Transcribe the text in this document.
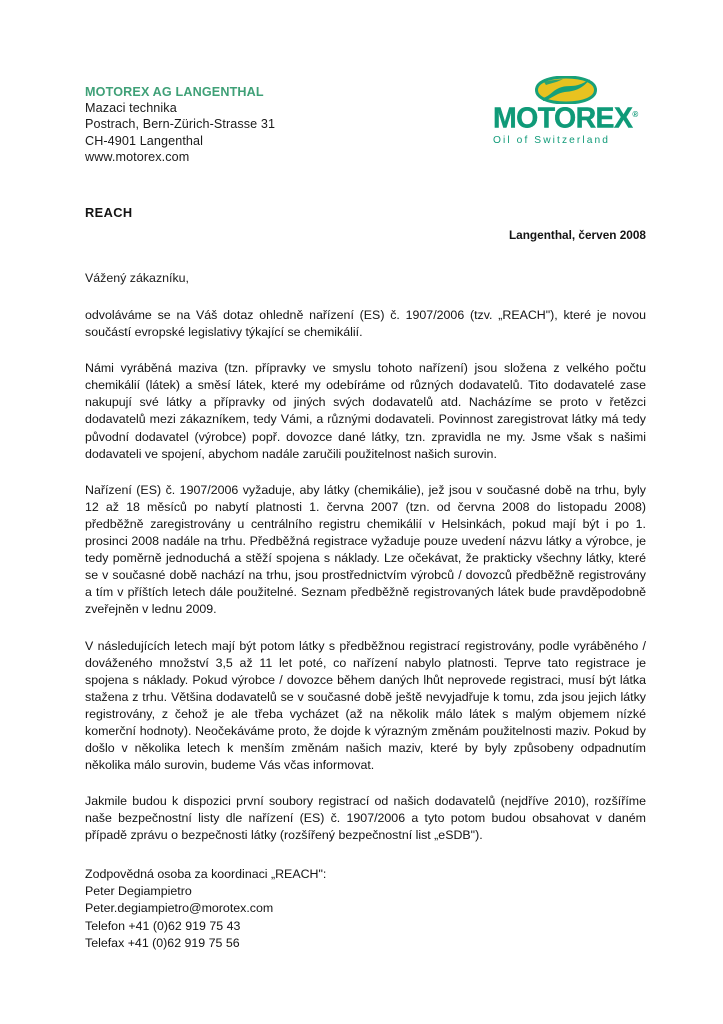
MOTOREX AG LANGENTHAL
Mazaci technika
Postrach, Bern-Zürich-Strasse 31
CH-4901 Langenthal
www.motorex.com
MOTOREX®
Oil of Switzerland
REACH
Langenthal, červen 2008
Vážený zákazníku,

odvoláváme se na Váš dotaz ohledně nařízení (ES) č. 1907/2006 (tzv. „REACH"), které je novou součástí evropské legislativy týkající se chemikálií.

Námi vyráběná maziva (tzn. přípravky ve smyslu tohoto nařízení) jsou složena z velkého počtu chemikálií (látek) a směsí látek, které my odebíráme od různých dodavatelů. Tito dodavatelé zase nakupují své látky a přípravky od jiných svých dodavatelů atd. Nacházíme se proto v řetězci dodavatelů mezi zákazníkem, tedy Vámi, a různými dodavateli. Povinnost zaregistrovat látky má tedy původní dodavatel (výrobce) popř. dovozce dané látky, tzn. zpravidla ne my. Jsme však s našimi dodavateli ve spojení, abychom nadále zaručili použitelnost našich surovin.

Nařízení (ES) č. 1907/2006 vyžaduje, aby látky (chemikálie), jež jsou v současné době na trhu, byly 12 až 18 měsíců po nabytí platnosti 1. června 2007 (tzn. od června 2008 do listopadu 2008) předběžně zaregistrovány u centrálního registru chemikálií v Helsinkách, pokud mají být i po 1. prosinci 2008 nadále na trhu. Předběžná registrace vyžaduje pouze uvedení názvu látky a výrobce, je tedy poměrně jednoduchá a stěží spojena s náklady. Lze očekávat, že prakticky všechny látky, které se v současné době nachází na trhu, jsou prostřednictvím výrobců / dovozců předběžně registrovány a tím v příštích letech dále použitelné. Seznam předběžně registrovaných látek bude pravděpodobně zveřejněn v lednu 2009.

V následujících letech mají být potom látky s předběžnou registrací registrovány, podle vyráběného / dováženého množství 3,5 až 11 let poté, co nařízení nabylo platnosti. Teprve tato registrace je spojena s náklady. Pokud výrobce / dovozce během daných lhůt neprovede registraci, musí být látka stažena z trhu. Většina dodavatelů se v současné době ještě nevyjadřuje k tomu, zda jsou jejich látky registrovány, z čehož je ale třeba vycházet (až na několik málo látek s malým objemem nízké komerční hodnoty). Neočekáváme proto, že dojde k výrazným změnám použitelnosti maziv. Pokud by došlo v několika letech k menším změnám našich maziv, které by byly způsobeny odpadnutím několika málo surovin, budeme Vás včas informovat.

Jakmile budou k dispozici první soubory registrací od našich dodavatelů (nejdříve 2010), rozšíříme naše bezpečnostní listy dle nařízení (ES) č. 1907/2006 a tyto potom budou obsahovat v daném případě zprávu o bezpečnosti látky (rozšířený bezpečnostní list „eSDB").

Zodpovědná osoba za koordinaci „REACH":
Peter Degiampietro
Peter.degiampietro@morotex.com
Telefon +41 (0)62 919 75 43
Telefax +41 (0)62 919 75 56
